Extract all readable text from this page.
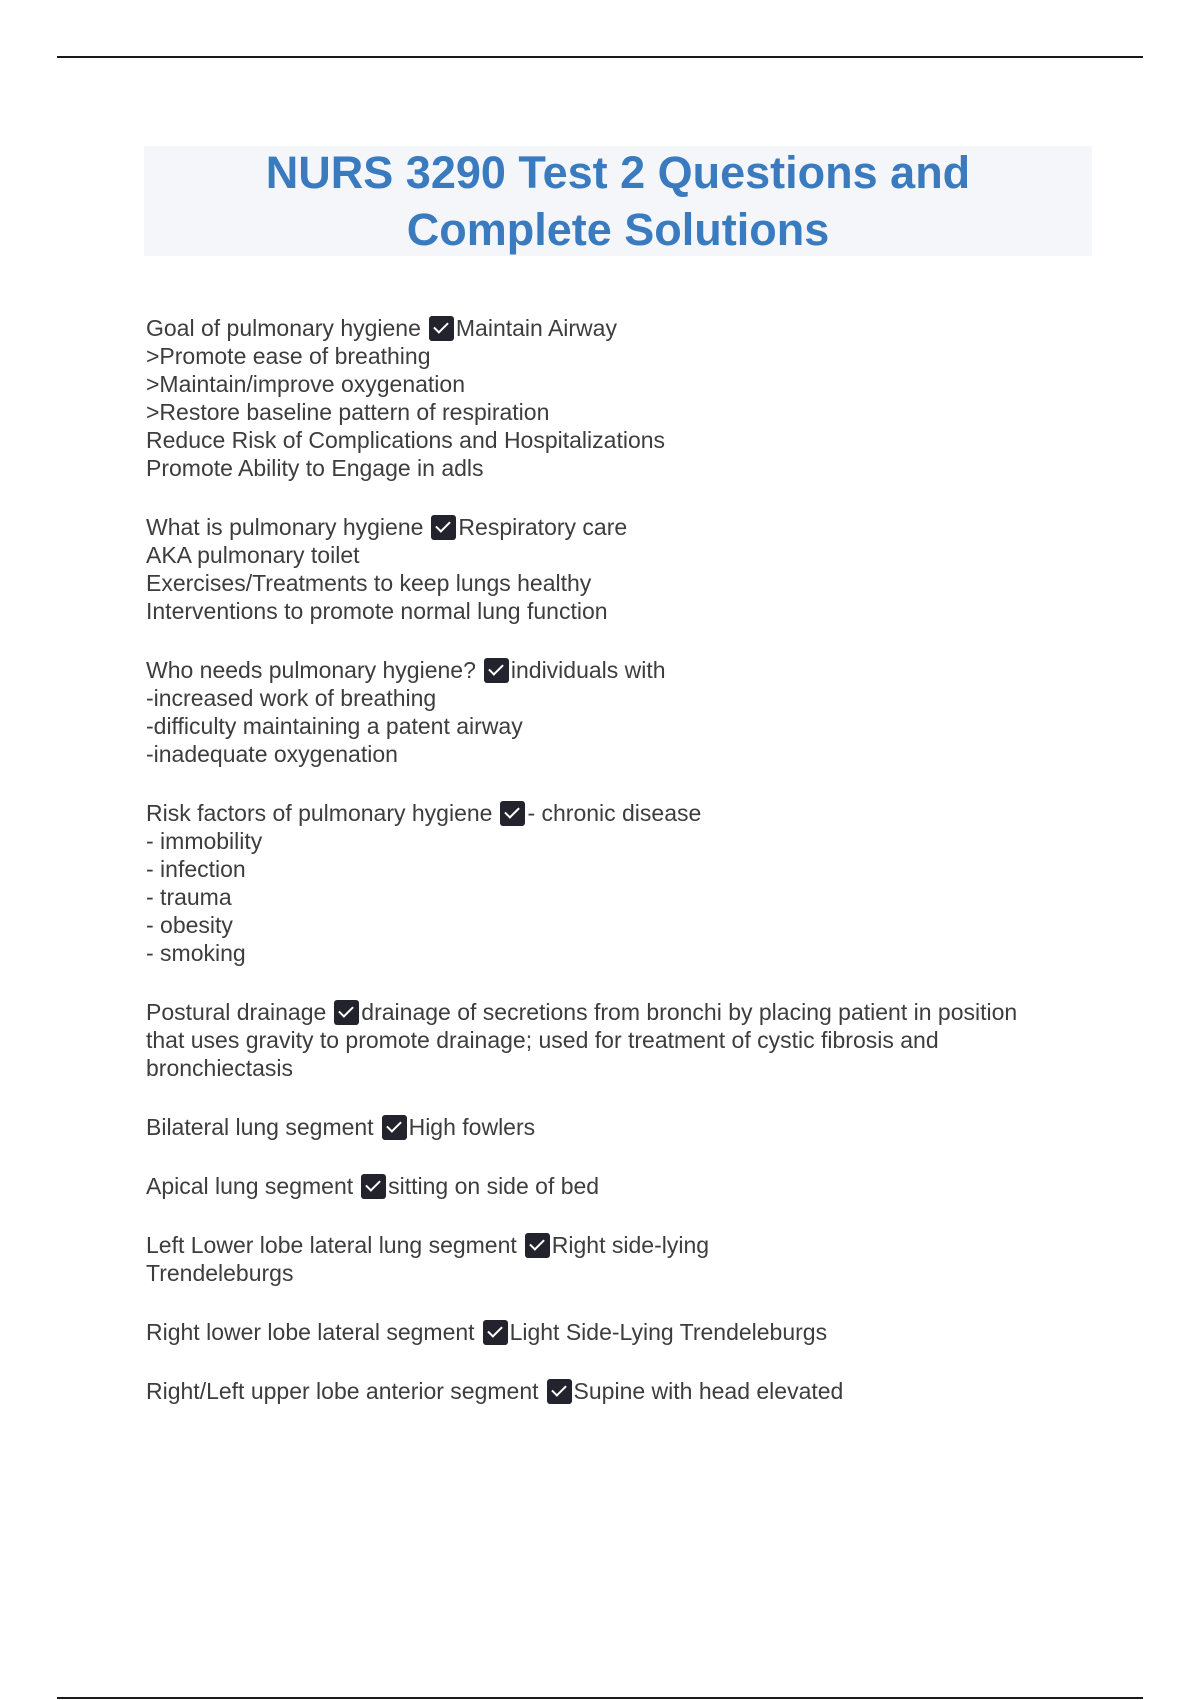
NURS 3290 Test 2 Questions and
Complete Solutions

Goal of pulmonary hygiene Maintain Airway
>Promote ease of breathing
>Maintain/improve oxygenation
>Restore baseline pattern of respiration
Reduce Risk of Complications and Hospitalizations
Promote Ability to Engage in adls

What is pulmonary hygiene Respiratory care
AKA pulmonary toilet
Exercises/Treatments to keep lungs healthy
Interventions to promote normal lung function

Who needs pulmonary hygiene? individuals with
-increased work of breathing
-difficulty maintaining a patent airway
-inadequate oxygenation

Risk factors of pulmonary hygiene - chronic disease
- immobility
- infection
- trauma
- obesity
- smoking

Postural drainage drainage of secretions from bronchi by placing patient in position
that uses gravity to promote drainage; used for treatment of cystic fibrosis and
bronchiectasis

Bilateral lung segment High fowlers

Apical lung segment sitting on side of bed

Left Lower lobe lateral lung segment Right side-lying
Trendeleburgs

Right lower lobe lateral segment Light Side-Lying Trendeleburgs

Right/Left upper lobe anterior segment Supine with head elevated
